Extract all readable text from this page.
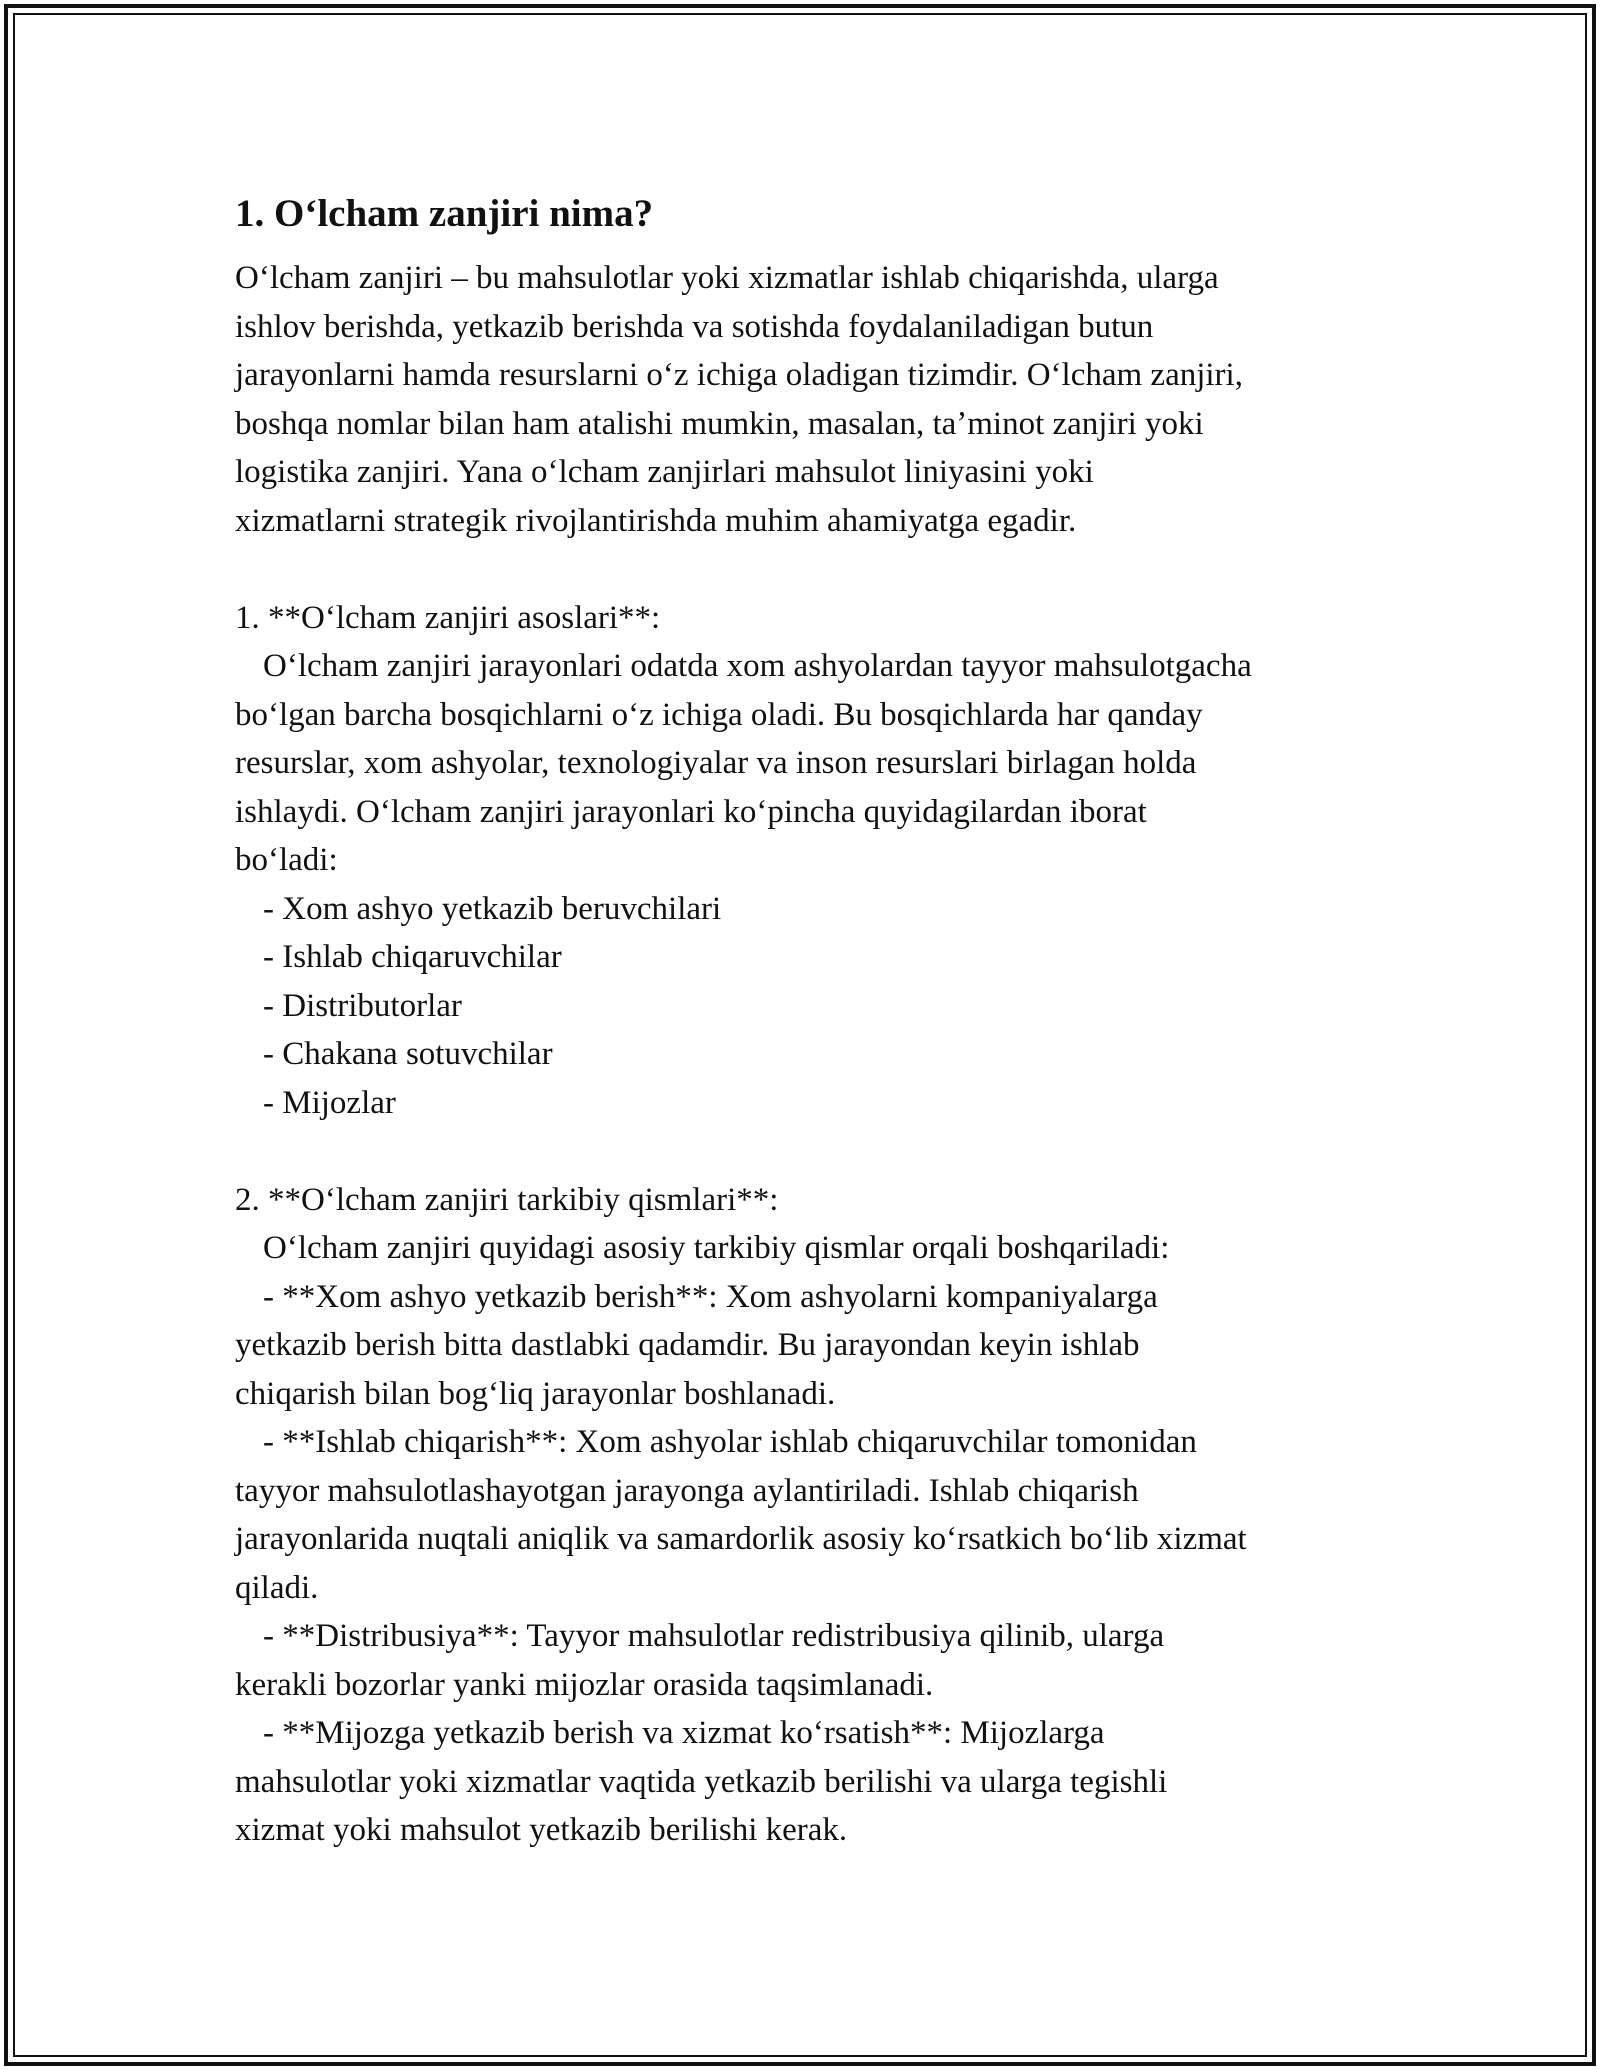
1. Oʻlcham zanjiri nima?
Oʻlcham zanjiri – bu mahsulotlar yoki xizmatlar ishlab chiqarishda, ularga
ishlov berishda, yetkazib berishda va sotishda foydalaniladigan butun
jarayonlarni hamda resurslarni oʻz ichiga oladigan tizimdir. Oʻlcham zanjiri,
boshqa nomlar bilan ham atalishi mumkin, masalan, taʼminot zanjiri yoki
logistika zanjiri. Yana oʻlcham zanjirlari mahsulot liniyasini yoki
xizmatlarni strategik rivojlantirishda muhim ahamiyatga egadir.
1. **Oʻlcham zanjiri asoslari**:
Oʻlcham zanjiri jarayonlari odatda xom ashyolardan tayyor mahsulotgacha
boʻlgan barcha bosqichlarni oʻz ichiga oladi. Bu bosqichlarda har qanday
resurslar, xom ashyolar, texnologiyalar va inson resurslari birlagan holda
ishlaydi. Oʻlcham zanjiri jarayonlari koʻpincha quyidagilardan iborat
boʻladi:
- Xom ashyo yetkazib beruvchilari
- Ishlab chiqaruvchilar
- Distributorlar
- Chakana sotuvchilar
- Mijozlar
2. **Oʻlcham zanjiri tarkibiy qismlari**:
Oʻlcham zanjiri quyidagi asosiy tarkibiy qismlar orqali boshqariladi:
- **Xom ashyo yetkazib berish**: Xom ashyolarni kompaniyalarga
yetkazib berish bitta dastlabki qadamdir. Bu jarayondan keyin ishlab
chiqarish bilan bogʻliq jarayonlar boshlanadi.
- **Ishlab chiqarish**: Xom ashyolar ishlab chiqaruvchilar tomonidan
tayyor mahsulotlashayotgan jarayonga aylantiriladi. Ishlab chiqarish
jarayonlarida nuqtali aniqlik va samardorlik asosiy koʻrsatkich boʻlib xizmat
qiladi.
- **Distribusiya**: Tayyor mahsulotlar redistribusiya qilinib, ularga
kerakli bozorlar yanki mijozlar orasida taqsimlanadi.
- **Mijozga yetkazib berish va xizmat koʻrsatish**: Mijozlarga
mahsulotlar yoki xizmatlar vaqtida yetkazib berilishi va ularga tegishli
xizmat yoki mahsulot yetkazib berilishi kerak.
